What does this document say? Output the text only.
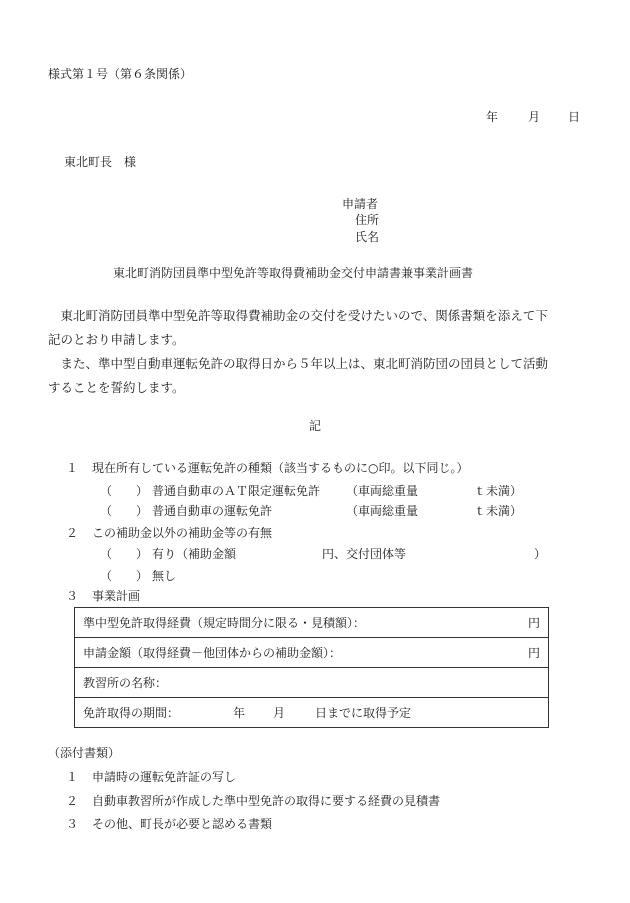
様式第１号（第６条関係）
年 月 日
東北町長　様
申請者
住所
氏名
東北町消防団員準中型免許等取得費補助金交付申請書兼事業計画書
東北町消防団員準中型免許等取得費補助金の交付を受けたいので、関係書類を添えて下
記のとおり申請します。
また、準中型自動車運転免許の取得日から５年以上は、東北町消防団の団員として活動
することを誓約します。
記
１ 現在所有している運転免許の種類（該当するものに○印。以下同じ。）
（　　） 普通自動車のＡＴ限定運転免許 （車両総重量	ｔ未満）
（　　） 普通自動車の運転免許	（車両総重量	ｔ未満）
２ この補助金以外の補助金等の有無
（　　） 有り（補助金額	円、交付団体等	）
（　　） 無し
３ 事業計画
準中型免許取得経費（規定時間分に限る・見積額）：	円

申請金額（取得経費－他団体からの補助金額）：	円

教習所の名称：
免許取得の期間：	年 月	日までに取得予定
（添付書類）
１ 申請時の運転免許証の写し
２ 自動車教習所が作成した準中型免許の取得に要する経費の見積書
３ その他、町長が必要と認める書類
